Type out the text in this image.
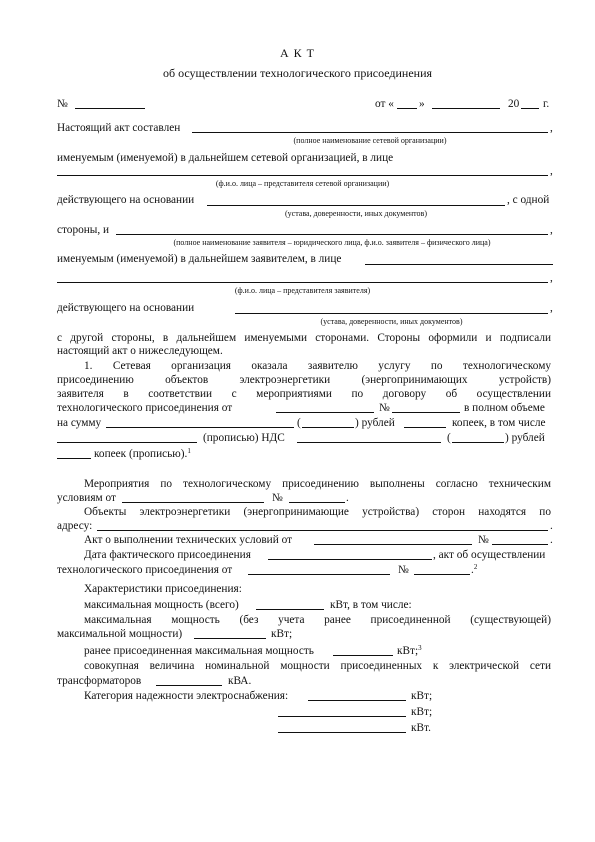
А К Т
об осуществлении технологического присоединения
№	от « »	20 г.
Настоящий акт составлен	,
(полное наименование сетевой организации)
именуемым (именуемой) в дальнейшем сетевой организацией, в лице
,
(ф.и.о. лица – представителя сетевой организации)
действующего на основании	, с одной
(устава, доверенности, иных документов)
стороны, и	,
(полное наименование заявителя – юридического лица, ф.и.о. заявителя – физического лица)
именуемым (именуемой) в дальнейшем заявителем, в лице
,
(ф.и.о. лица – представителя заявителя)
действующего на основании	,
(устава, доверенности, иных документов)
с другой стороны, в дальнейшем именуемыми сторонами. Стороны оформили и подписали
настоящий акт о нижеследующем.
1. Сетевая организация оказала заявителю услугу по технологическому
присоединению объектов электроэнергетики (энергопринимающих устройств)
заявителя в соответствии с мероприятиями по договору об осуществлении
технологического присоединения от	№	в полном объеме
на сумму	(	) рублей	копеек, в том числе
(прописью) НДС	(	) рублей
копеек (прописью).$^1$
Мероприятия по технологическому присоединению выполнены согласно техническим
условиям от	№	.
Объекты электроэнергетики (энергопринимающие устройства) сторон находятся по
адресу:	.
Акт о выполнении технических условий от	№	.
Дата фактического присоединения	, акт об осуществлении
технологического присоединения от	№	.$^2$
Характеристики присоединения:
максимальная мощность (всего)	кВт, в том числе:
максимальная мощность (без учета ранее присоединенной (существующей)
максимальной мощности)	кВт;
ранее присоединенная максимальная мощность	кВт;$^3$
совокупная величина номинальной мощности присоединенных к электрической сети
трансформаторов	кВА.
Категория надежности электроснабжения:	кВт;
кВт;
кВт.
